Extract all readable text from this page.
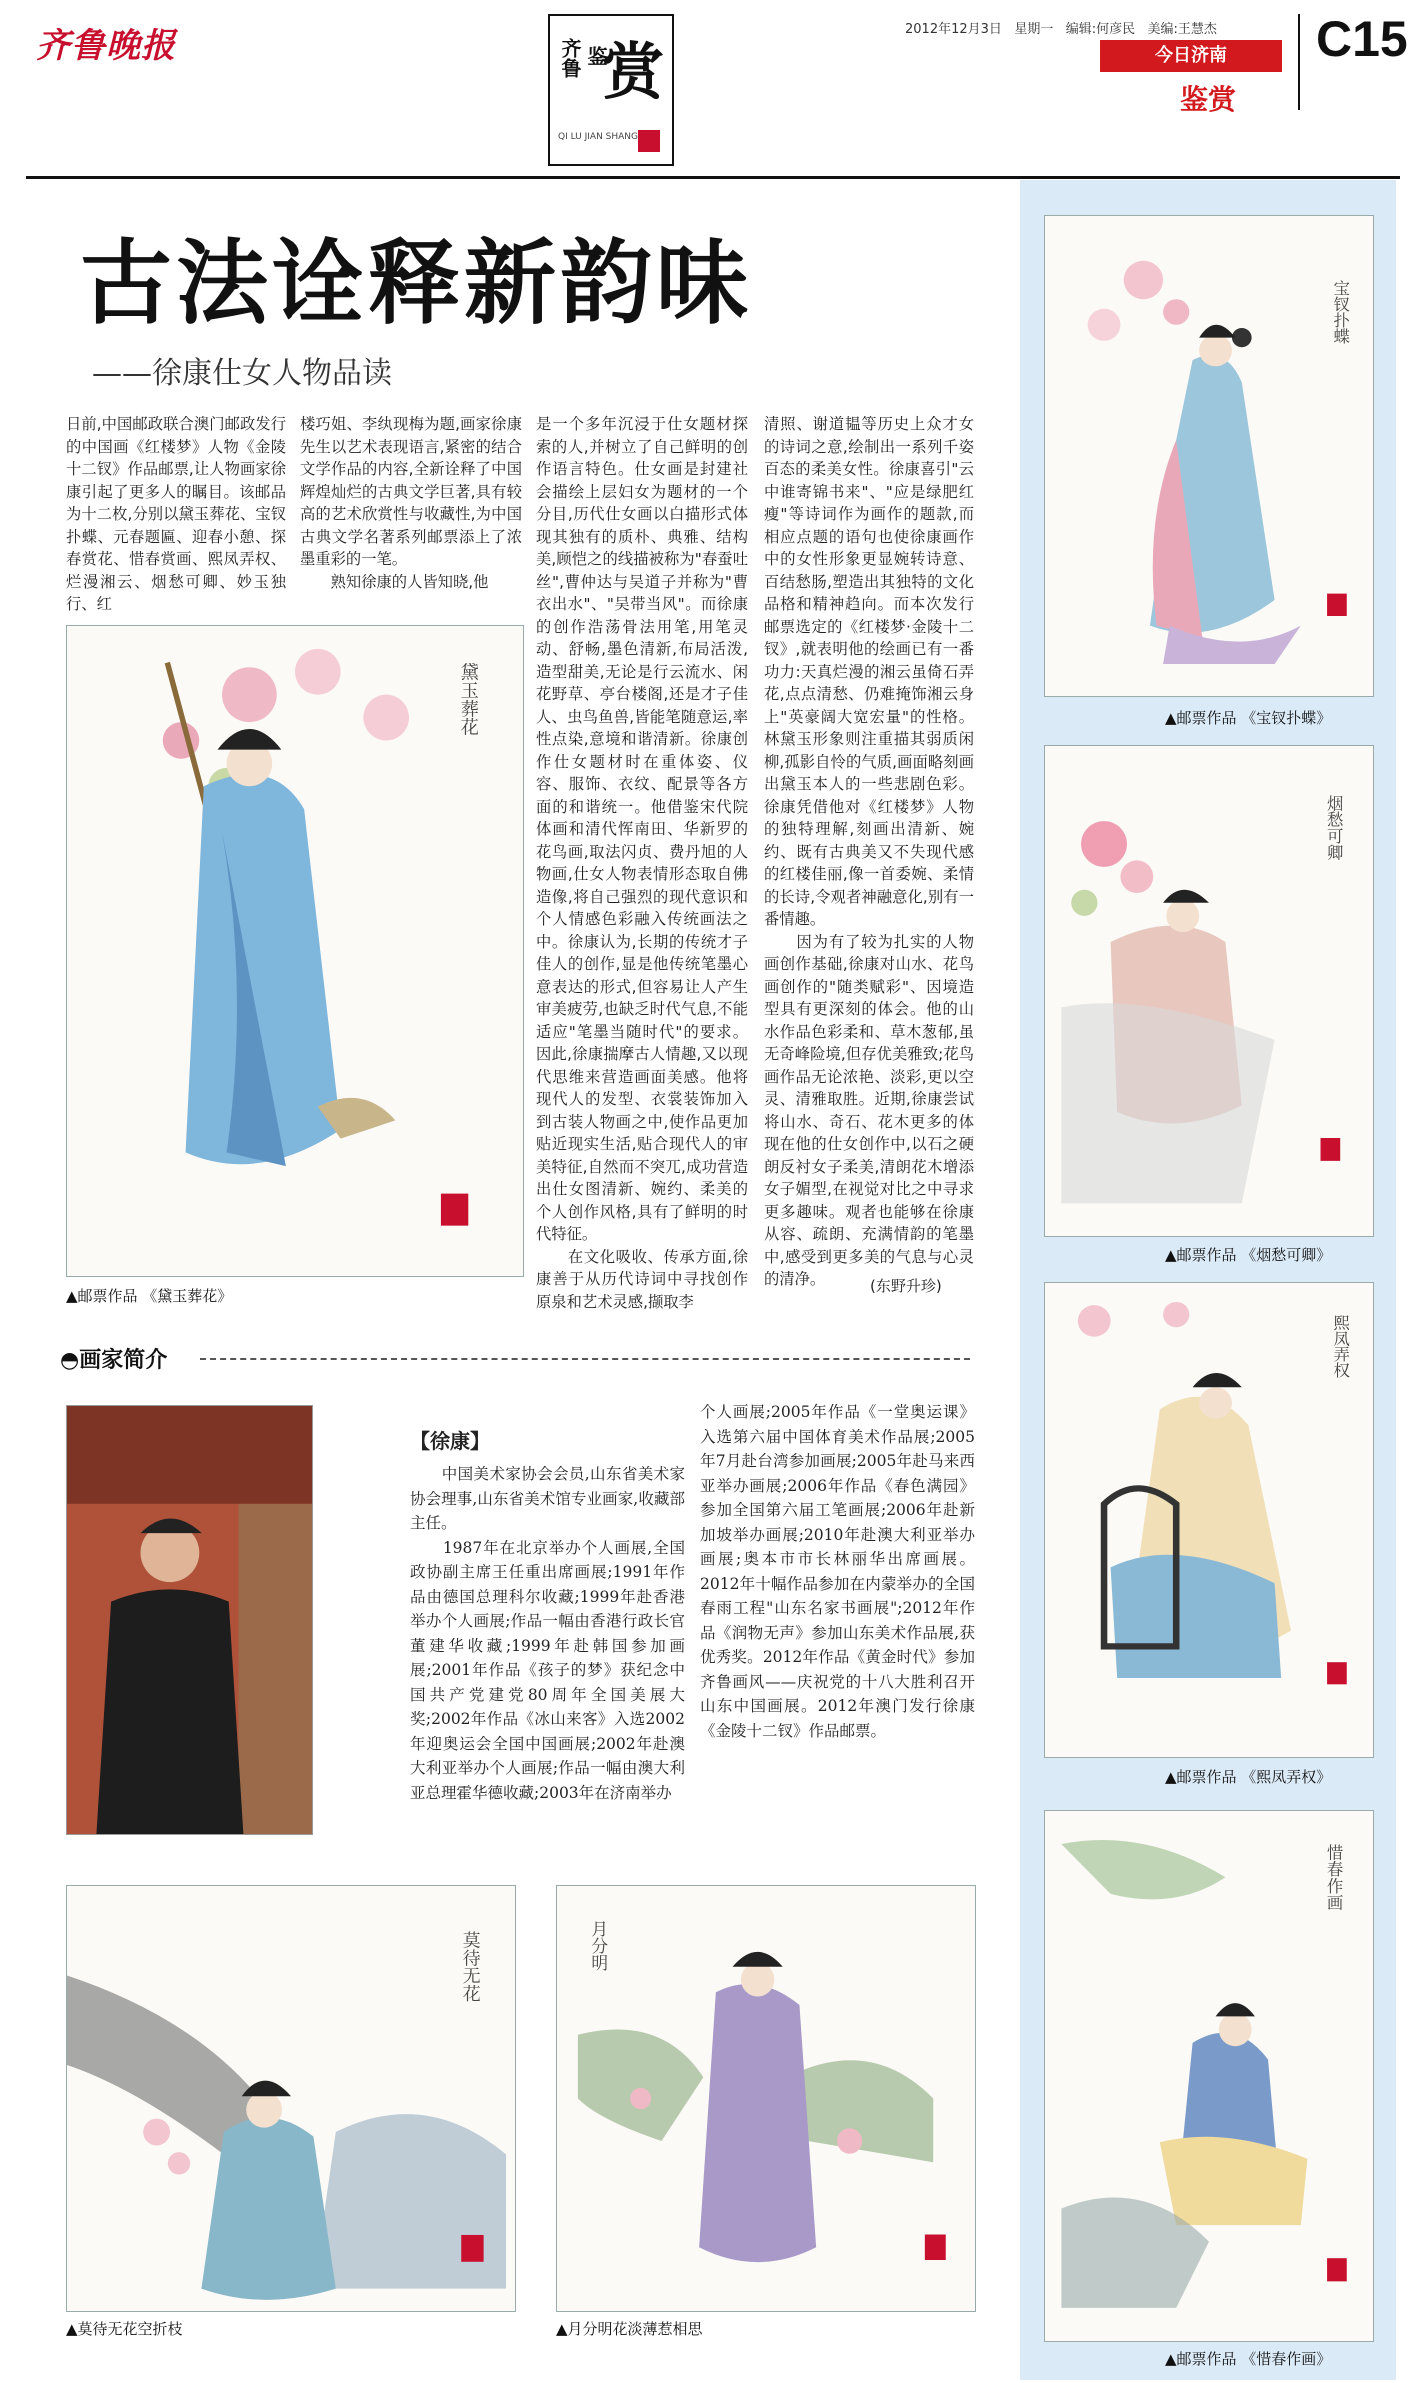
齐鲁晚报	赏
齐鲁 鉴
QI LU JIAN SHANG
2012年12月3日 星期一 编辑:何彦民 美编:王慧杰
今日济南
鉴赏
C15
宝钗扑蝶
▲邮票作品 《宝钗扑蝶》
烟愁可卿
▲邮票作品 《烟愁可卿》
熙凤弄权
▲邮票作品 《熙凤弄权》
惜春作画
▲邮票作品 《惜春作画》
古法诠释新韵味
——徐康仕女人物品读
日前,中国邮政联合澳门邮政发行的中国画《红楼梦》人物《金陵十二钗》作品邮票,让人物画家徐康引起了更多人的瞩目。该邮品为十二枚,分别以黛玉葬花、宝钗扑蝶、元春题匾、迎春小憩、探春赏花、惜春赏画、熙凤弄权、烂漫湘云、烟愁可卿、妙玉独行、红
楼巧姐、李纨现梅为题,画家徐康先生以艺术表现语言,紧密的结合文学作品的内容,全新诠释了中国辉煌灿烂的古典文学巨著,具有较高的艺术欣赏性与收藏性,为中国古典文学名著系列邮票添上了浓墨重彩的一笔。
　　熟知徐康的人皆知晓,他
是一个多年沉浸于仕女题材探索的人,并树立了自己鲜明的创作语言特色。仕女画是封建社会描绘上层妇女为题材的一个分目,历代仕女画以白描形式体现其独有的质朴、典雅、结构美,顾恺之的线描被称为"春蚕吐丝",曹仲达与吴道子并称为"曹衣出水"、"吴带当风"。而徐康的创作浩荡骨法用笔,用笔灵动、舒畅,墨色清新,布局活泼,造型甜美,无论是行云流水、闲花野草、亭台楼阁,还是才子佳人、虫鸟鱼兽,皆能笔随意运,率性点染,意境和谐清新。徐康创作仕女题材时在重体姿、仪容、服饰、衣纹、配景等各方面的和谐统一。他借鉴宋代院体画和清代恽南田、华新罗的花鸟画,取法闪贞、费丹旭的人物画,仕女人物表情形态取自佛造像,将自己强烈的现代意识和个人情感色彩融入传统画法之中。徐康认为,长期的传统才子佳人的创作,显是他传统笔墨心意表达的形式,但容易让人产生审美疲劳,也缺乏时代气息,不能适应"笔墨当随时代"的要求。因此,徐康揣摩古人情趣,又以现代思维来营造画面美感。他将现代人的发型、衣裳装饰加入到古装人物画之中,使作品更加贴近现实生活,贴合现代人的审美特征,自然而不突兀,成功营造出仕女图清新、婉约、柔美的个人创作风格,具有了鲜明的时代特征。
　　在文化吸收、传承方面,徐康善于从历代诗词中寻找创作原泉和艺术灵感,撷取李
清照、谢道韫等历史上众才女的诗词之意,绘制出一系列千姿百态的柔美女性。徐康喜引"云中谁寄锦书来"、"应是绿肥红瘦"等诗词作为画作的题款,而相应点题的语句也使徐康画作中的女性形象更显婉转诗意、百结愁肠,塑造出其独特的文化品格和精神趋向。而本次发行邮票选定的《红楼梦·金陵十二钗》,就表明他的绘画已有一番功力:天真烂漫的湘云虽倚石弄花,点点清愁、仍难掩饰湘云身上"英豪阔大宽宏量"的性格。林黛玉形象则注重描其弱质闲柳,孤影自怜的气质,画面略刻画出黛玉本人的一些悲剧色彩。徐康凭借他对《红楼梦》人物的独特理解,刻画出清新、婉约、既有古典美又不失现代感的红楼佳丽,像一首委婉、柔情的长诗,令观者神融意化,别有一番情趣。
　　因为有了较为扎实的人物画创作基础,徐康对山水、花鸟画创作的"随类赋彩"、因境造型具有更深刻的体会。他的山水作品色彩柔和、草木葱郁,虽无奇峰险境,但存优美雅致;花鸟画作品无论浓艳、淡彩,更以空灵、清雅取胜。近期,徐康尝试将山水、奇石、花木更多的体现在他的仕女创作中,以石之硬朗反衬女子柔美,清朗花木增添女子媚型,在视觉对比之中寻求更多趣味。观者也能够在徐康从容、疏朗、充满情韵的笔墨中,感受到更多美的气息与心灵的清净。	(东野升珍)
黛玉葬花
▲邮票作品 《黛玉葬花》
◓画家简介
【徐康】
　　中国美术家协会会员,山东省美术家协会理事,山东省美术馆专业画家,收藏部主任。
　　1987年在北京举办个人画展,全国政协副主席王任重出席画展;1991年作品由德国总理科尔收藏;1999年赴香港举办个人画展;作品一幅由香港行政长官董建华收藏;1999年赴韩国参加画展;2001年作品《孩子的梦》获纪念中国共产党建党80周年全国美展大奖;2002年作品《冰山来客》入选2002年迎奥运会全国中国画展;2002年赴澳大利亚举办个人画展;作品一幅由澳大利亚总理霍华德收藏;2003年在济南举办
个人画展;2005年作品《一堂奥运课》入选第六届中国体育美术作品展;2005年7月赴台湾参加画展;2005年赴马来西亚举办画展;2006年作品《春色满园》参加全国第六届工笔画展;2006年赴新加坡举办画展;2010年赴澳大利亚举办画展;奥本市市长林丽华出席画展。2012年十幅作品参加在内蒙举办的全国春雨工程"山东名家书画展";2012年作品《润物无声》参加山东美术作品展,获优秀奖。2012年作品《黄金时代》参加齐鲁画风——庆祝党的十八大胜利召开山东中国画展。2012年澳门发行徐康《金陵十二钗》作品邮票。
莫待无花
▲莫待无花空折枝
月分明
▲月分明花淡薄惹相思
